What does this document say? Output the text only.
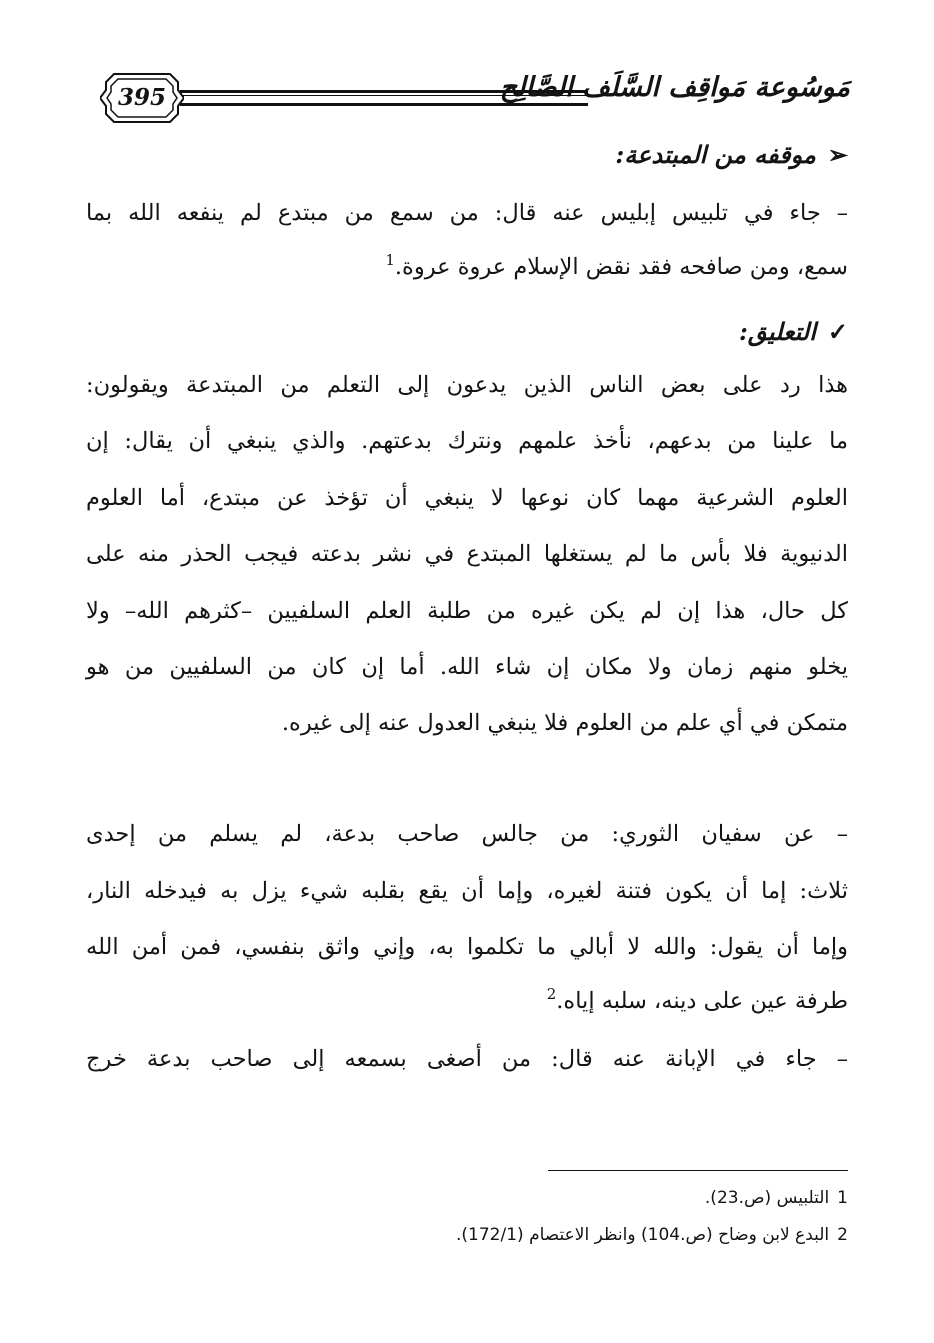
مَوسُوعة مَواقِف السَّلَف الصَّالِح
395
➢موقفه من المبتدعة:
– جاء في تلبيس إبليس عنه قال: من سمع من مبتدع لم ينفعه الله بما
سمع، ومن صافحه فقد نقض الإسلام عروة عروة.$^1$
✓التعليق:
هذا رد على بعض الناس الذين يدعون إلى التعلم من المبتدعة ويقولون:
ما علينا من بدعهم، نأخذ علمهم ونترك بدعتهم. والذي ينبغي أن يقال: إن
العلوم الشرعية مهما كان نوعها لا ينبغي أن تؤخذ عن مبتدع، أما العلوم
الدنيوية فلا بأس ما لم يستغلها المبتدع في نشر بدعته فيجب الحذر منه على
كل حال، هذا إن لم يكن غيره من طلبة العلم السلفيين –كثرهم الله– ولا
يخلو منهم زمان ولا مكان إن شاء الله. أما إن كان من السلفيين من هو
متمكن في أي علم من العلوم فلا ينبغي العدول عنه إلى غيره.
– عن سفيان الثوري: من جالس صاحب بدعة، لم يسلم من إحدى
ثلاث: إما أن يكون فتنة لغيره، وإما أن يقع بقلبه شيء يزل به فيدخله النار،
وإما أن يقول: والله لا أبالي ما تكلموا به، وإني واثق بنفسي، فمن أمن الله
طرفة عين على دينه، سلبه إياه.$^2$
– جاء في الإبانة عنه قال: من أصغى بسمعه إلى صاحب بدعة خرج
1التلبيس (ص.23).
2البدع لابن وضاح (ص.104) وانظر الاعتصام (172/1).
